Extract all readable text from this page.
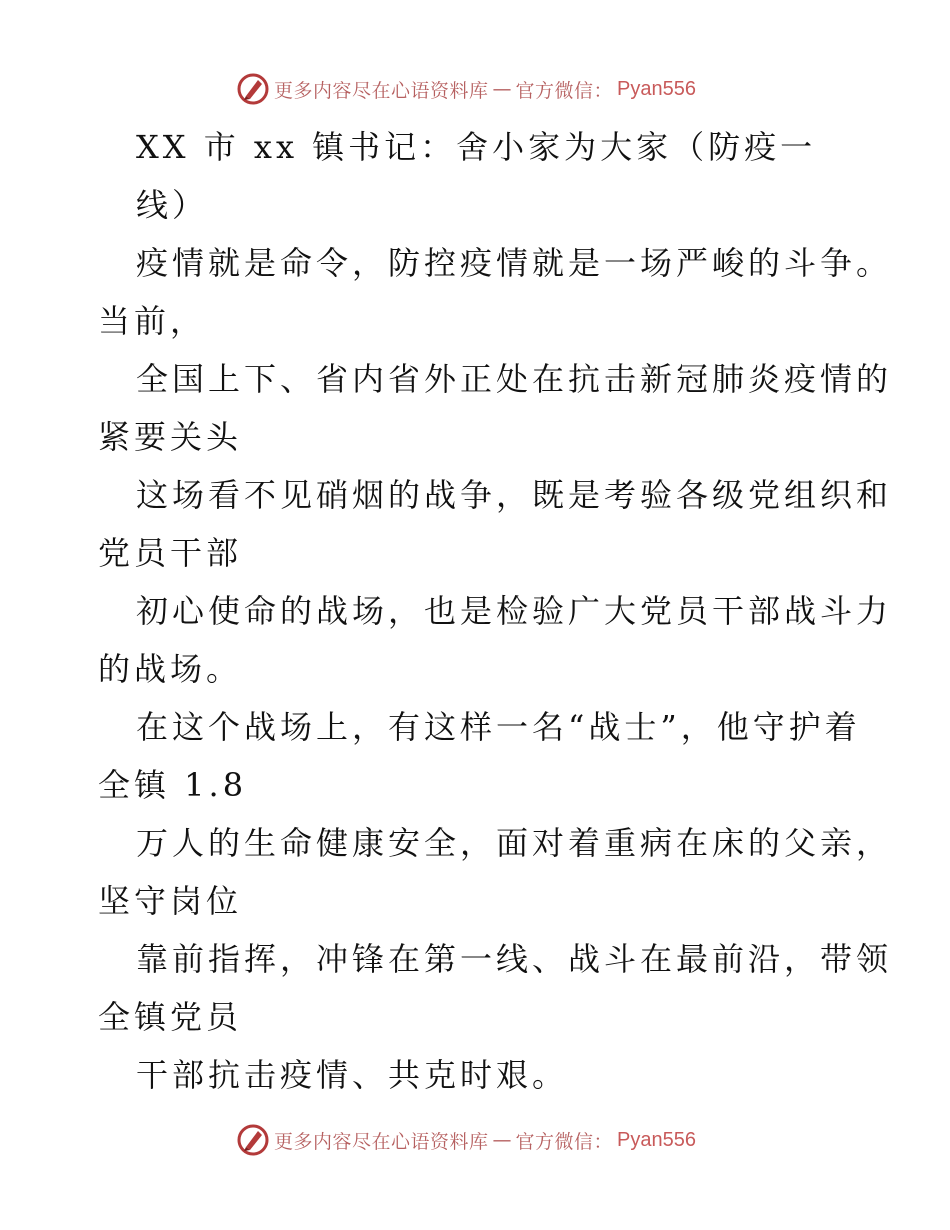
更多内容尽在心语资料库 — 官方微信： Pyan556
XX 市 xx 镇书记：舍小家为大家（防疫一
线）
疫情就是命令，防控疫情就是一场严峻的斗争。
当前，
全国上下、省内省外正处在抗击新冠肺炎疫情的
紧要关头
这场看不见硝烟的战争，既是考验各级党组织和
党员干部
初心使命的战场，也是检验广大党员干部战斗力
的战场。
在这个战场上，有这样一名“战士”，他守护着
全镇 1.8
万人的生命健康安全，面对着重病在床的父亲，
坚守岗位
靠前指挥，冲锋在第一线、战斗在最前沿，带领
全镇党员
干部抗击疫情、共克时艰。
更多内容尽在心语资料库 — 官方微信： Pyan556
